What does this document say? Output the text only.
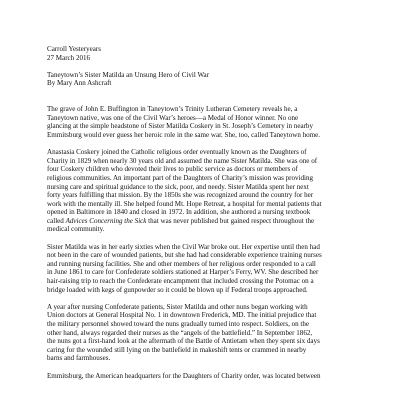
Carroll Yesteryears
27 March 2016
Taneytown’s Sister Matilda an Unsung Hero of Civil War
By Mary Ann Ashcraft
The grave of John E. Buffington in Taneytown’s Trinity Lutheran Cemetery reveals he, a
Taneytown native, was one of the Civil War’s heroes—a Medal of Honor winner. No one
glancing at the simple headstone of Sister Matilda Coskery in St. Joseph’s Cemetery in nearby
Emmitsburg would ever guess her heroic role in the same war. She, too, called Taneytown home.
Anastasia Coskery joined the Catholic religious order eventually known as the Daughters of
Charity in 1829 when nearly 30 years old and assumed the name Sister Matilda. She was one of
four Coskery children who devoted their lives to public service as doctors or members of
religious communities. An important part of the Daughters of Charity’s mission was providing
nursing care and spiritual guidance to the sick, poor, and needy. Sister Matilda spent her next
forty years fulfilling that mission. By the 1850s she was recognized around the country for her
work with the mentally ill. She helped found Mt. Hope Retreat, a hospital for mental patients that
opened in Baltimore in 1840 and closed in 1972. In addition, she authored a nursing textbook
called Advices Concerning the Sick that was never published but gained respect throughout the
medical community.
Sister Matilda was in her early sixties when the Civil War broke out. Her expertise until then had
not been in the care of wounded patients, but she had had considerable experience training nurses
and running nursing facilities. She and other members of her religious order responded to a call
in June 1861 to care for Confederate soldiers stationed at Harper’s Ferry, WV. She described her
hair-raising trip to reach the Confederate encampment that included crossing the Potomac on a
bridge loaded with kegs of gunpowder so it could be blown up if Federal troops approached.
A year after nursing Confederate patients, Sister Matilda and other nuns began working with
Union doctors at General Hospital No. 1 in downtown Frederick, MD. The initial prejudice that
the military personnel showed toward the nuns gradually turned into respect. Soldiers, on the
other hand, always regarded their nurses as the “angels of the battlefield.” In September 1862,
the nuns got a first-hand look at the aftermath of the Battle of Antietam when they spent six days
caring for the wounded still lying on the battlefield in makeshift tents or crammed in nearby
barns and farmhouses.
Emmitsburg, the American headquarters for the Daughters of Charity order, was located between
